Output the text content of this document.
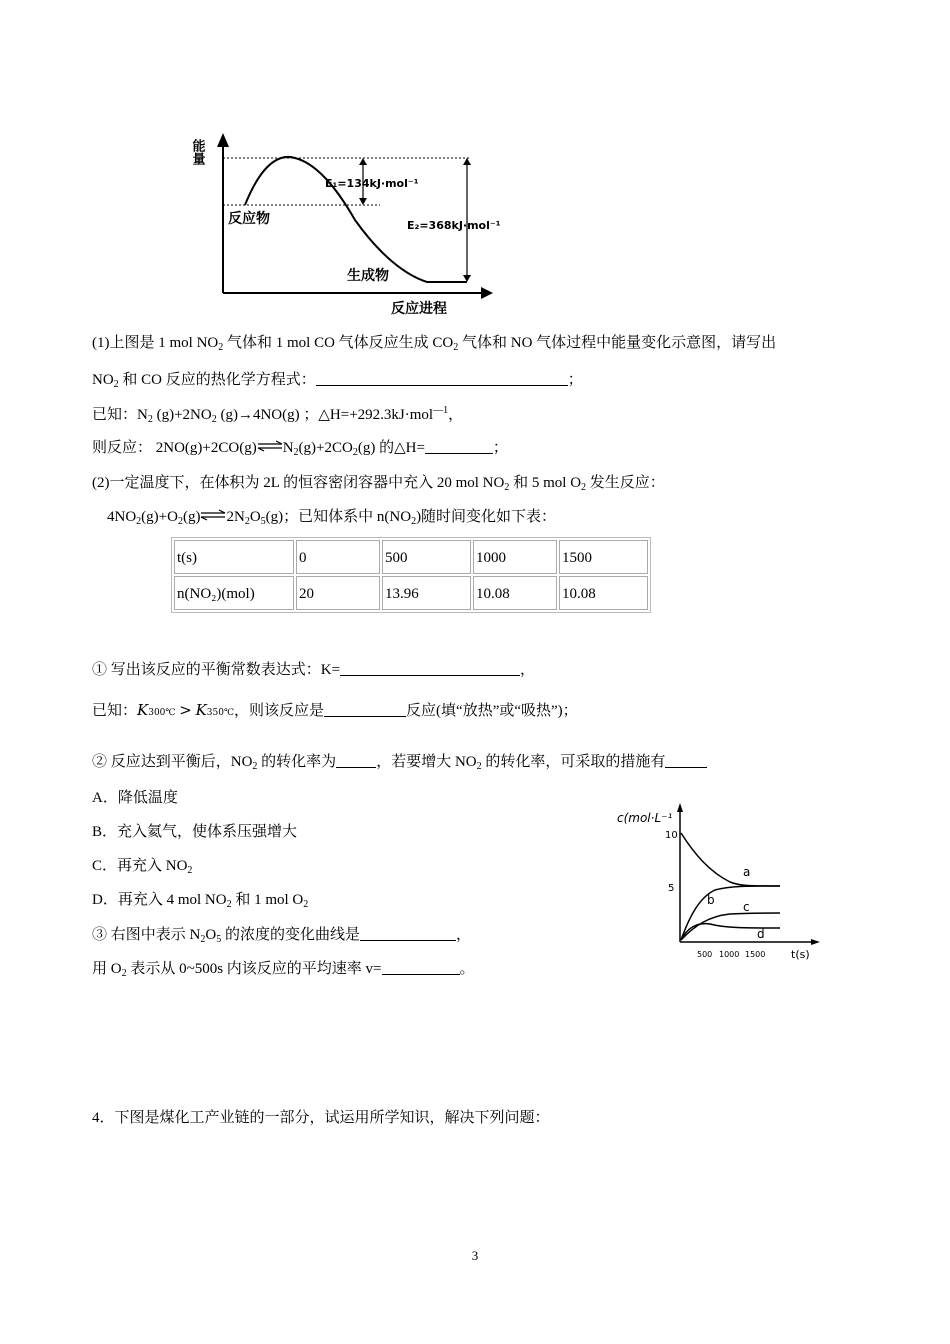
能量
反应物
生成物
反应进程
E₁=134kJ·mol⁻¹
E₂=368kJ·mol⁻¹
(1)上图是 1 mol $NO_2$ 气体和 1 mol CO 气体反应生成 $CO_2$ 气体和 NO 气体过程中能量变化示意图，请写出
$NO_2$ 和 CO 反应的热化学方程式：	；
已知：$N_2$ $(g)+2NO_2$ (g)→4NO(g) ；△H=+292.3kJ·mol$^{—1}$，
则反应： $2NO(g)+2CO(g)\rightleftharpoons N_2(g)+2CO_2(g)$ 的△H=	；
(2)一定温度下，在体积为 2L 的恒容密闭容器中充入 20 mol $NO_2$ 和 5 mol $O_2$ 发生反应：
$4NO_2(g)+O_2(g)\rightleftharpoons 2N_2O_5(g)$；已知体系中 $n(NO_2)$随时间变化如下表：
t(s)	0	500	1000	1500
n(NO₂)(mol)	20	13.96	10.08	10.08
① 写出该反应的平衡常数表达式：K=	，
已知：K300℃ > K350℃，则该反应是	反应(填“放热”或“吸热”)；
② 反应达到平衡后，$NO_2$ 的转化率为	，若要增大 $NO_2$ 的转化率，可采取的措施有
A．降低温度
B．充入氦气，使体系压强增大
C．再充入 $NO_2$
D．再充入 4 mol $NO_2$ 和 1 mol $O_2$
③ 右图中表示 $N_2O_5$ 的浓度的变化曲线是	，
用 $O_2$ 表示从 0~500s 内该反应的平均速率 v=	。
c(mol·L⁻¹
10
5
500 1000 1500 t(s)
a
b c
d
4．下图是煤化工产业链的一部分，试运用所学知识，解决下列问题：
3
